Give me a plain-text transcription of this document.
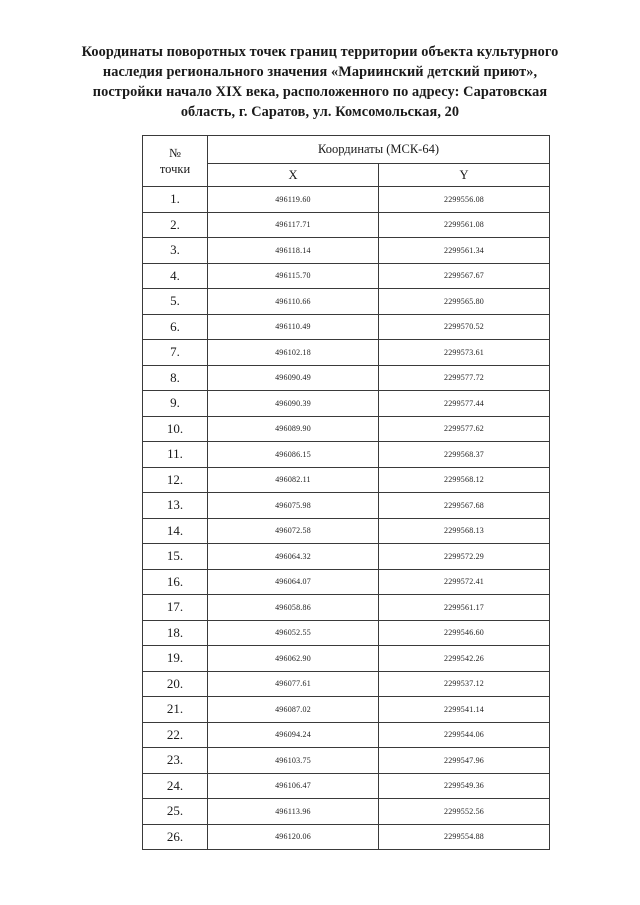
Координаты поворотных точек границ территории объекта культурного
наследия регионального значения «Мариинский детский приют»,
постройки начало XIX века, расположенного по адресу: Саратовская
область, г. Саратов, ул. Комсомольская, 20
№
точки	Координаты (МСК-64)	
	X	Y
1.	496119.60	2299556.08
2.	496117.71	2299561.08
3.	496118.14	2299561.34
4.	496115.70	2299567.67
5.	496110.66	2299565.80
6.	496110.49	2299570.52
7.	496102.18	2299573.61
8.	496090.49	2299577.72
9.	496090.39	2299577.44
10.	496089.90	2299577.62
11.	496086.15	2299568.37
12.	496082.11	2299568.12
13.	496075.98	2299567.68
14.	496072.58	2299568.13
15.	496064.32	2299572.29
16.	496064.07	2299572.41
17.	496058.86	2299561.17
18.	496052.55	2299546.60
19.	496062.90	2299542.26
20.	496077.61	2299537.12
21.	496087.02	2299541.14
22.	496094.24	2299544.06
23.	496103.75	2299547.96
24.	496106.47	2299549.36
25.	496113.96	2299552.56
26.	496120.06	2299554.88
